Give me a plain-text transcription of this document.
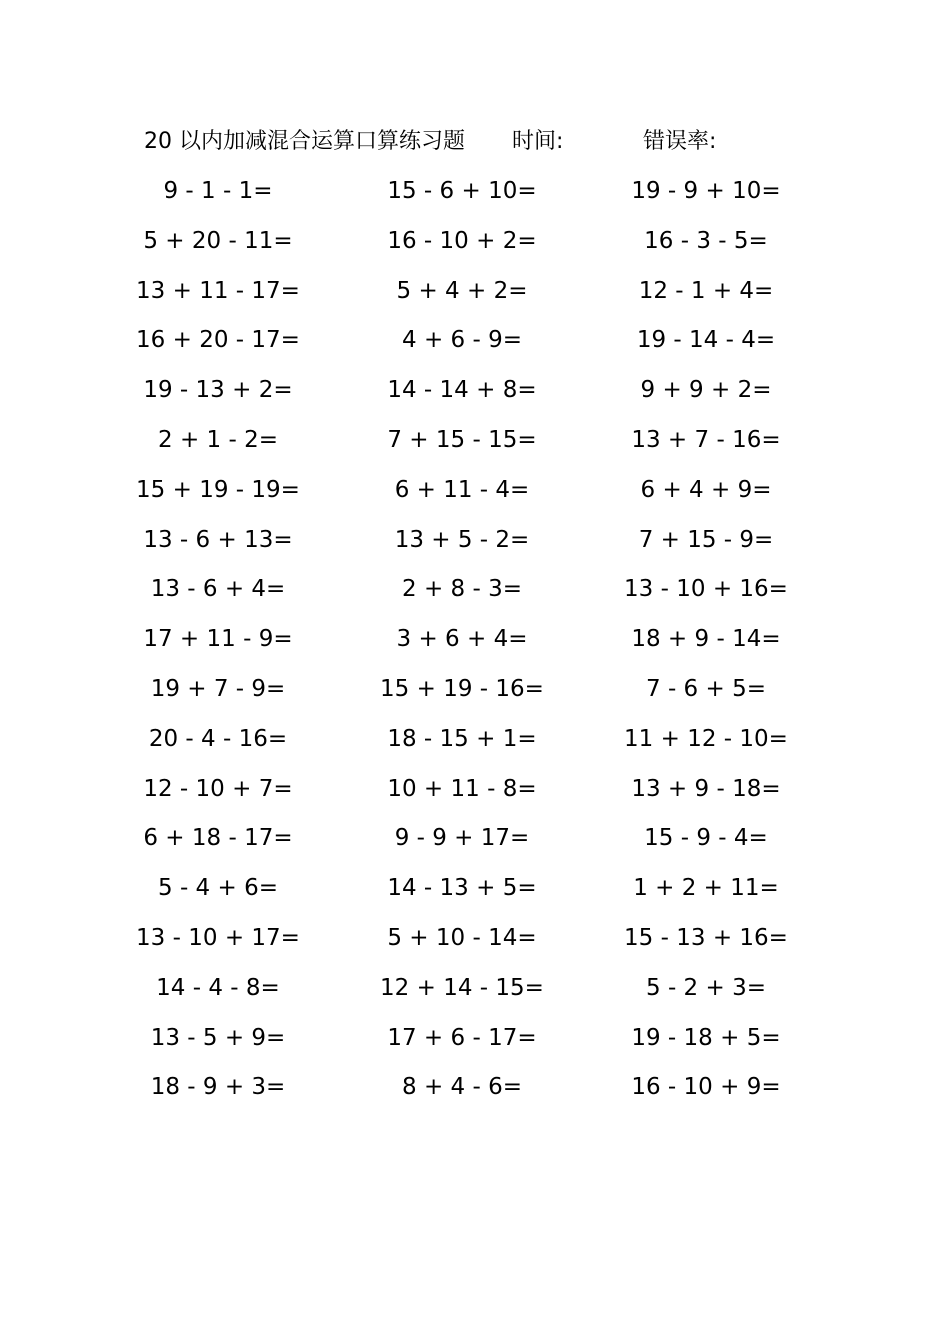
20 以内加减混合运算口算练习题 时间:	错误率:
9 - 1 - 1=	15 - 6 + 10=	19 - 9 + 10=
5 + 20 - 11=	16 - 10 + 2=	16 - 3 - 5=
13 + 11 - 17=	5 + 4 + 2=	12 - 1 + 4=
16 + 20 - 17=	4 + 6 - 9=	19 - 14 - 4=
19 - 13 + 2=	14 - 14 + 8=	9 + 9 + 2=
2 + 1 - 2=	7 + 15 - 15=	13 + 7 - 16=
15 + 19 - 19=	6 + 11 - 4=	6 + 4 + 9=
13 - 6 + 13=	13 + 5 - 2=	7 + 15 - 9=
13 - 6 + 4=	2 + 8 - 3=	13 - 10 + 16=
17 + 11 - 9=	3 + 6 + 4=	18 + 9 - 14=
19 + 7 - 9=	15 + 19 - 16=	7 - 6 + 5=
20 - 4 - 16=	18 - 15 + 1=	11 + 12 - 10=
12 - 10 + 7=	10 + 11 - 8=	13 + 9 - 18=
6 + 18 - 17=	9 - 9 + 17=	15 - 9 - 4=
5 - 4 + 6=	14 - 13 + 5=	1 + 2 + 11=
13 - 10 + 17=	5 + 10 - 14=	15 - 13 + 16=
14 - 4 - 8=	12 + 14 - 15=	5 - 2 + 3=
13 - 5 + 9=	17 + 6 - 17=	19 - 18 + 5=
18 - 9 + 3=	8 + 4 - 6=	16 - 10 + 9=
